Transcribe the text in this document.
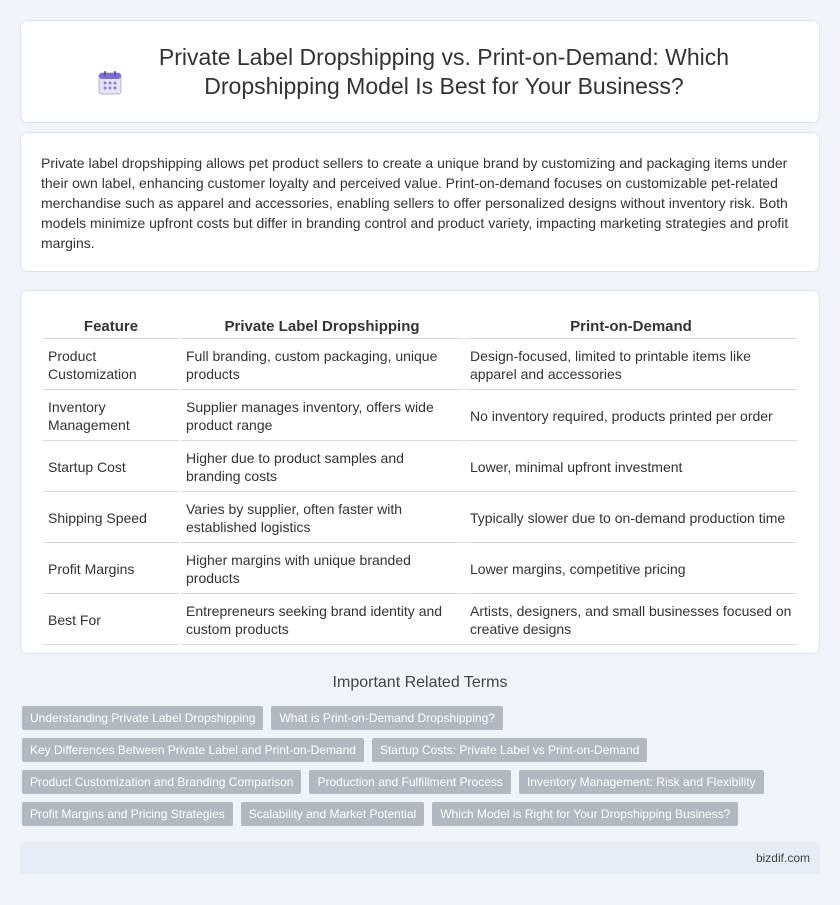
Private Label Dropshipping vs. Print-on-Demand: Which Dropshipping Model Is Best for Your Business?

Private label dropshipping allows pet product sellers to create a unique brand by customizing and packaging items under their own label, enhancing customer loyalty and perceived value. Print-on-demand focuses on customizable pet-related merchandise such as apparel and accessories, enabling sellers to offer personalized designs without inventory risk. Both models minimize upfront costs but differ in branding control and product variety, impacting marketing strategies and profit margins.

Feature	Private Label Dropshipping	Print-on-Demand
Product Customization	Full branding, custom packaging, unique products	Design-focused, limited to printable items like apparel and accessories
Inventory Management	Supplier manages inventory, offers wide product range	No inventory required, products printed per order
Startup Cost	Higher due to product samples and branding costs	Lower, minimal upfront investment
Shipping Speed	Varies by supplier, often faster with established logistics	Typically slower due to on-demand production time
Profit Margins	Higher margins with unique branded products	Lower margins, competitive pricing
Best For	Entrepreneurs seeking brand identity and custom products	Artists, designers, and small businesses focused on creative designs
Important Related Terms
Understanding Private Label Dropshipping	What is Print-on-Demand Dropshipping?
Key Differences Between Private Label and Print-on-Demand	Startup Costs: Private Label vs Print-on-Demand
Product Customization and Branding Comparison	Production and Fulfillment Process	Inventory Management: Risk and Flexibility
Profit Margins and Pricing Strategies	Scalability and Market Potential	Which Model is Right for Your Dropshipping Business?
bizdif.com
